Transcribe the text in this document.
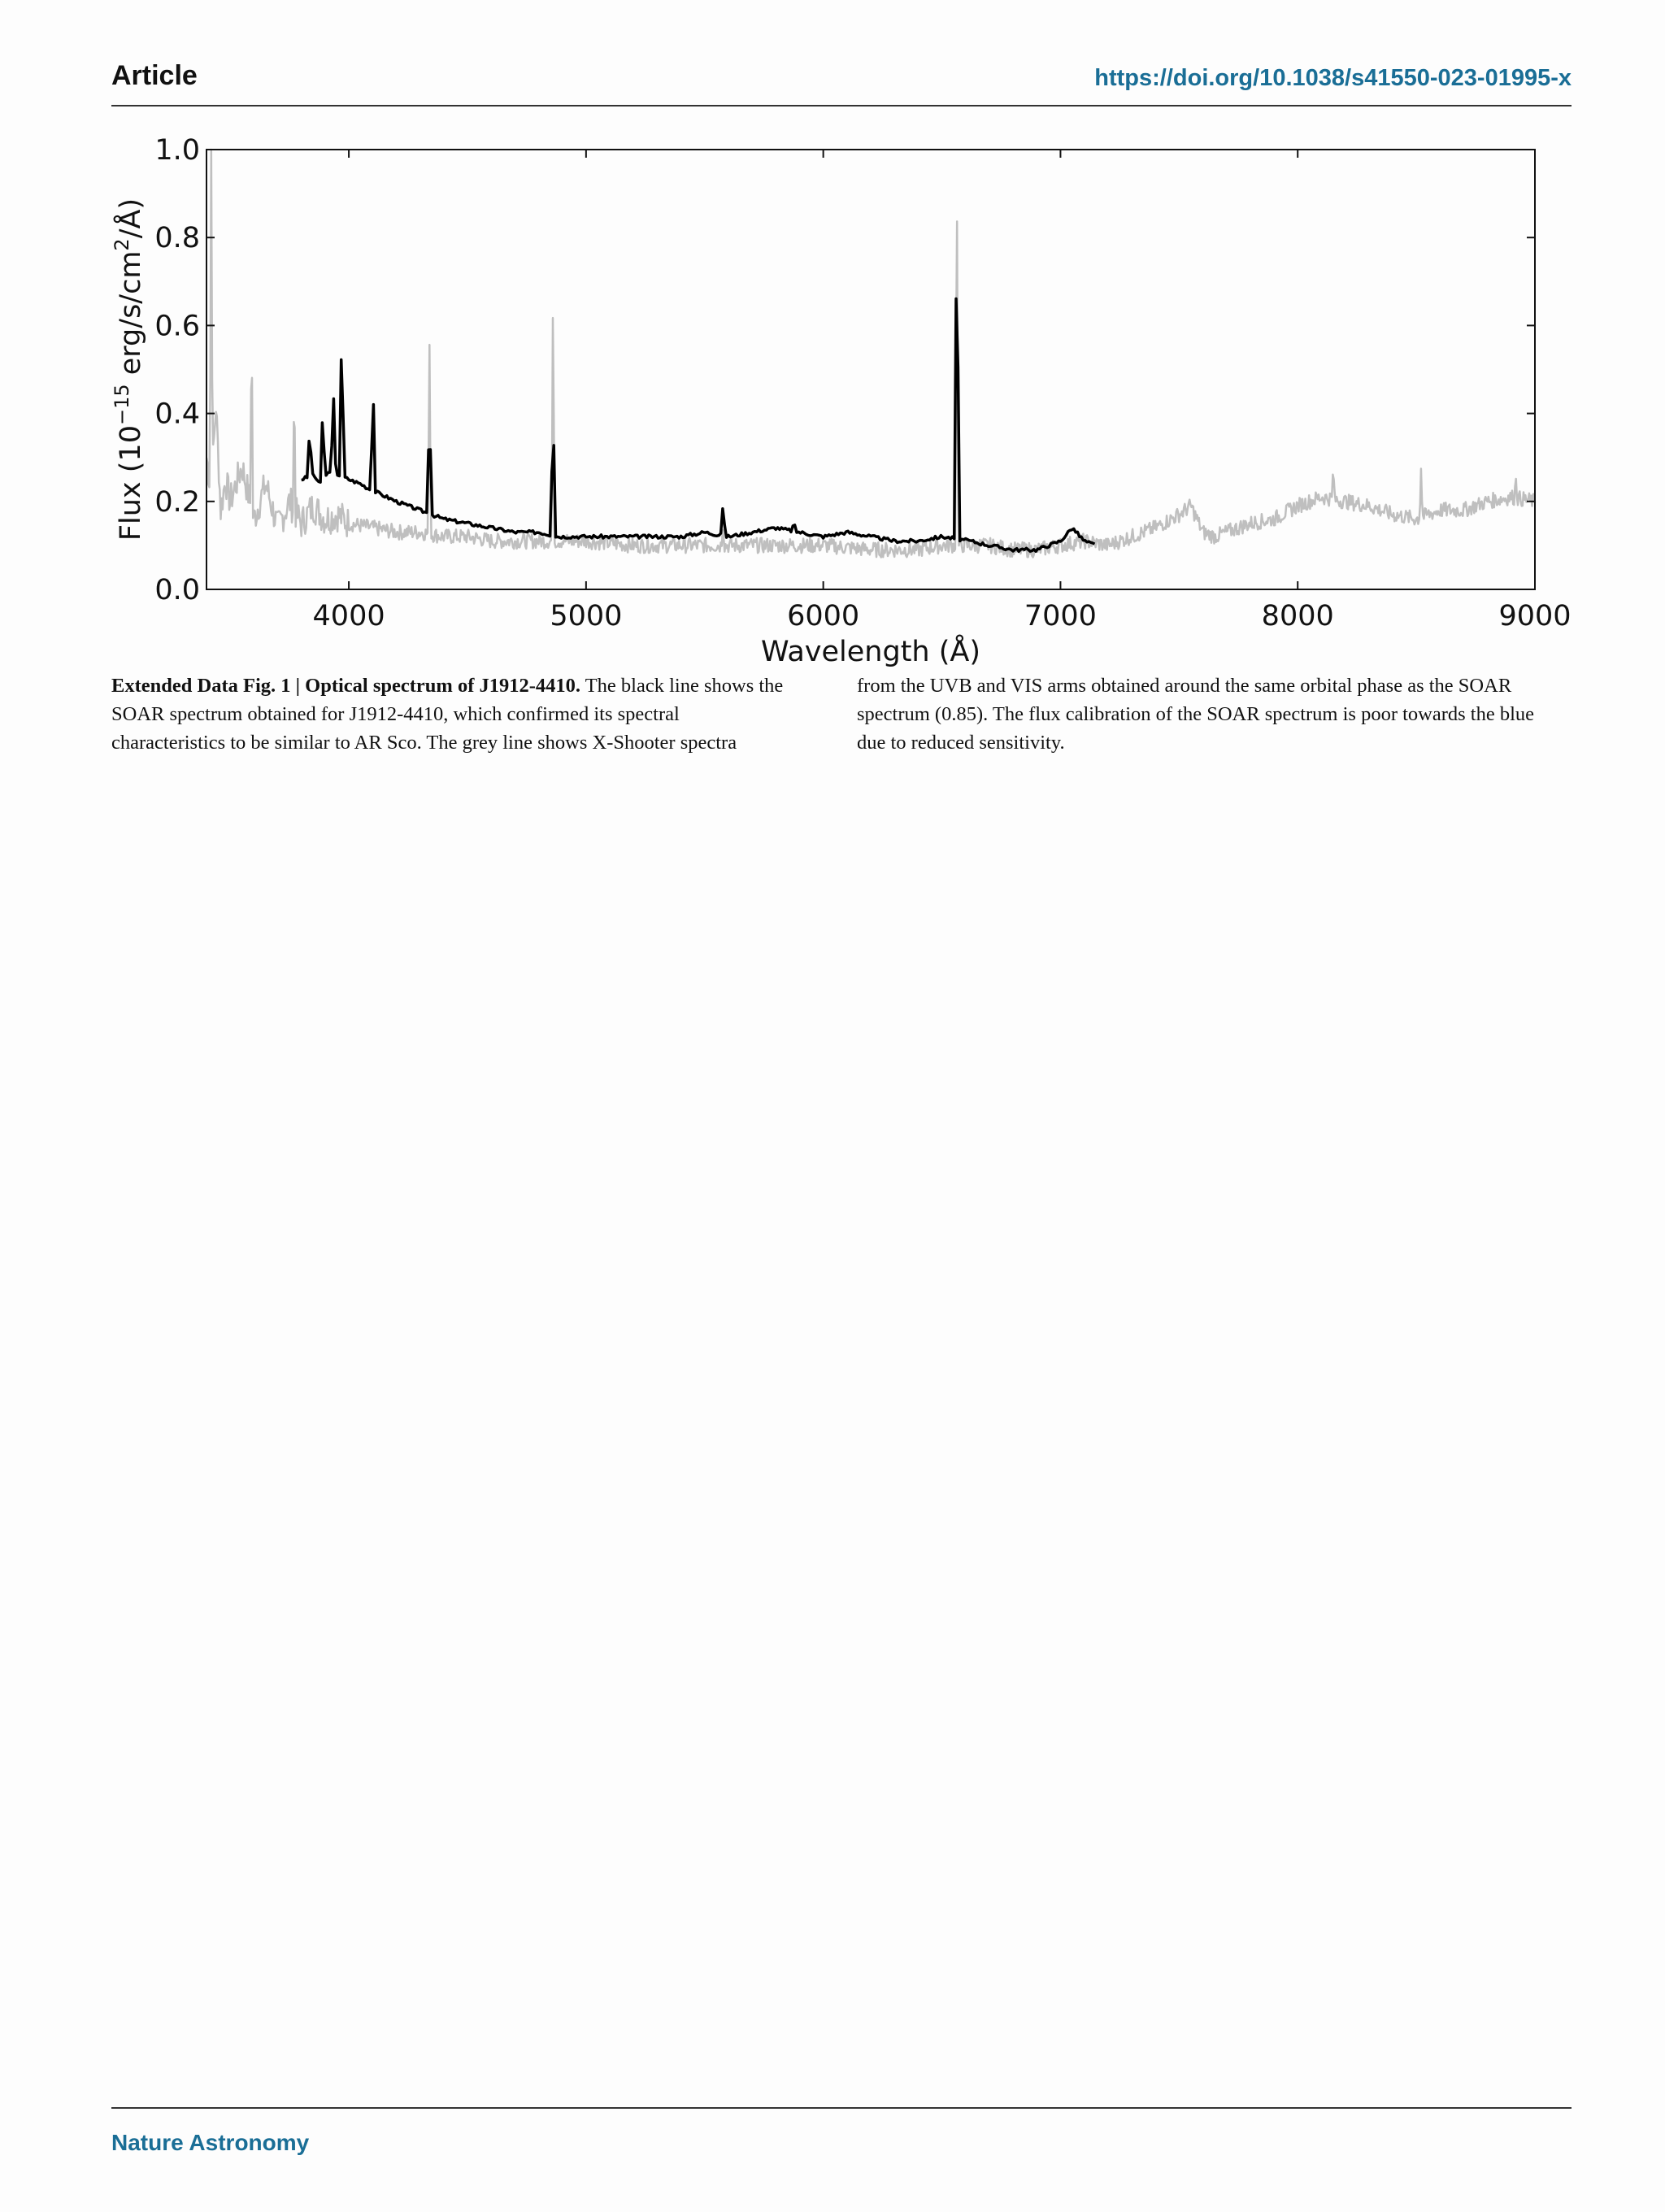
Article	https://doi.org/10.1038/s41550-023-01995-x
4000	5000	6000	7000	8000	9000
0.0
0.2
0.4
0.6
0.8
1.0
Wavelength (Å)
Flux ($10^{-15}$ erg/$s/cm^2/Å$)
Extended Data Fig. 1 | Optical spectrum of J1912-4410. The black line shows the SOAR spectrum obtained for J1912-4410, which confirmed its spectral characteristics to be similar to AR Sco. The grey line shows X-Shooter spectra
from the UVB and VIS arms obtained around the same orbital phase as the SOAR spectrum (0.85). The flux calibration of the SOAR spectrum is poor towards the blue due to reduced sensitivity.
Nature Astronomy
